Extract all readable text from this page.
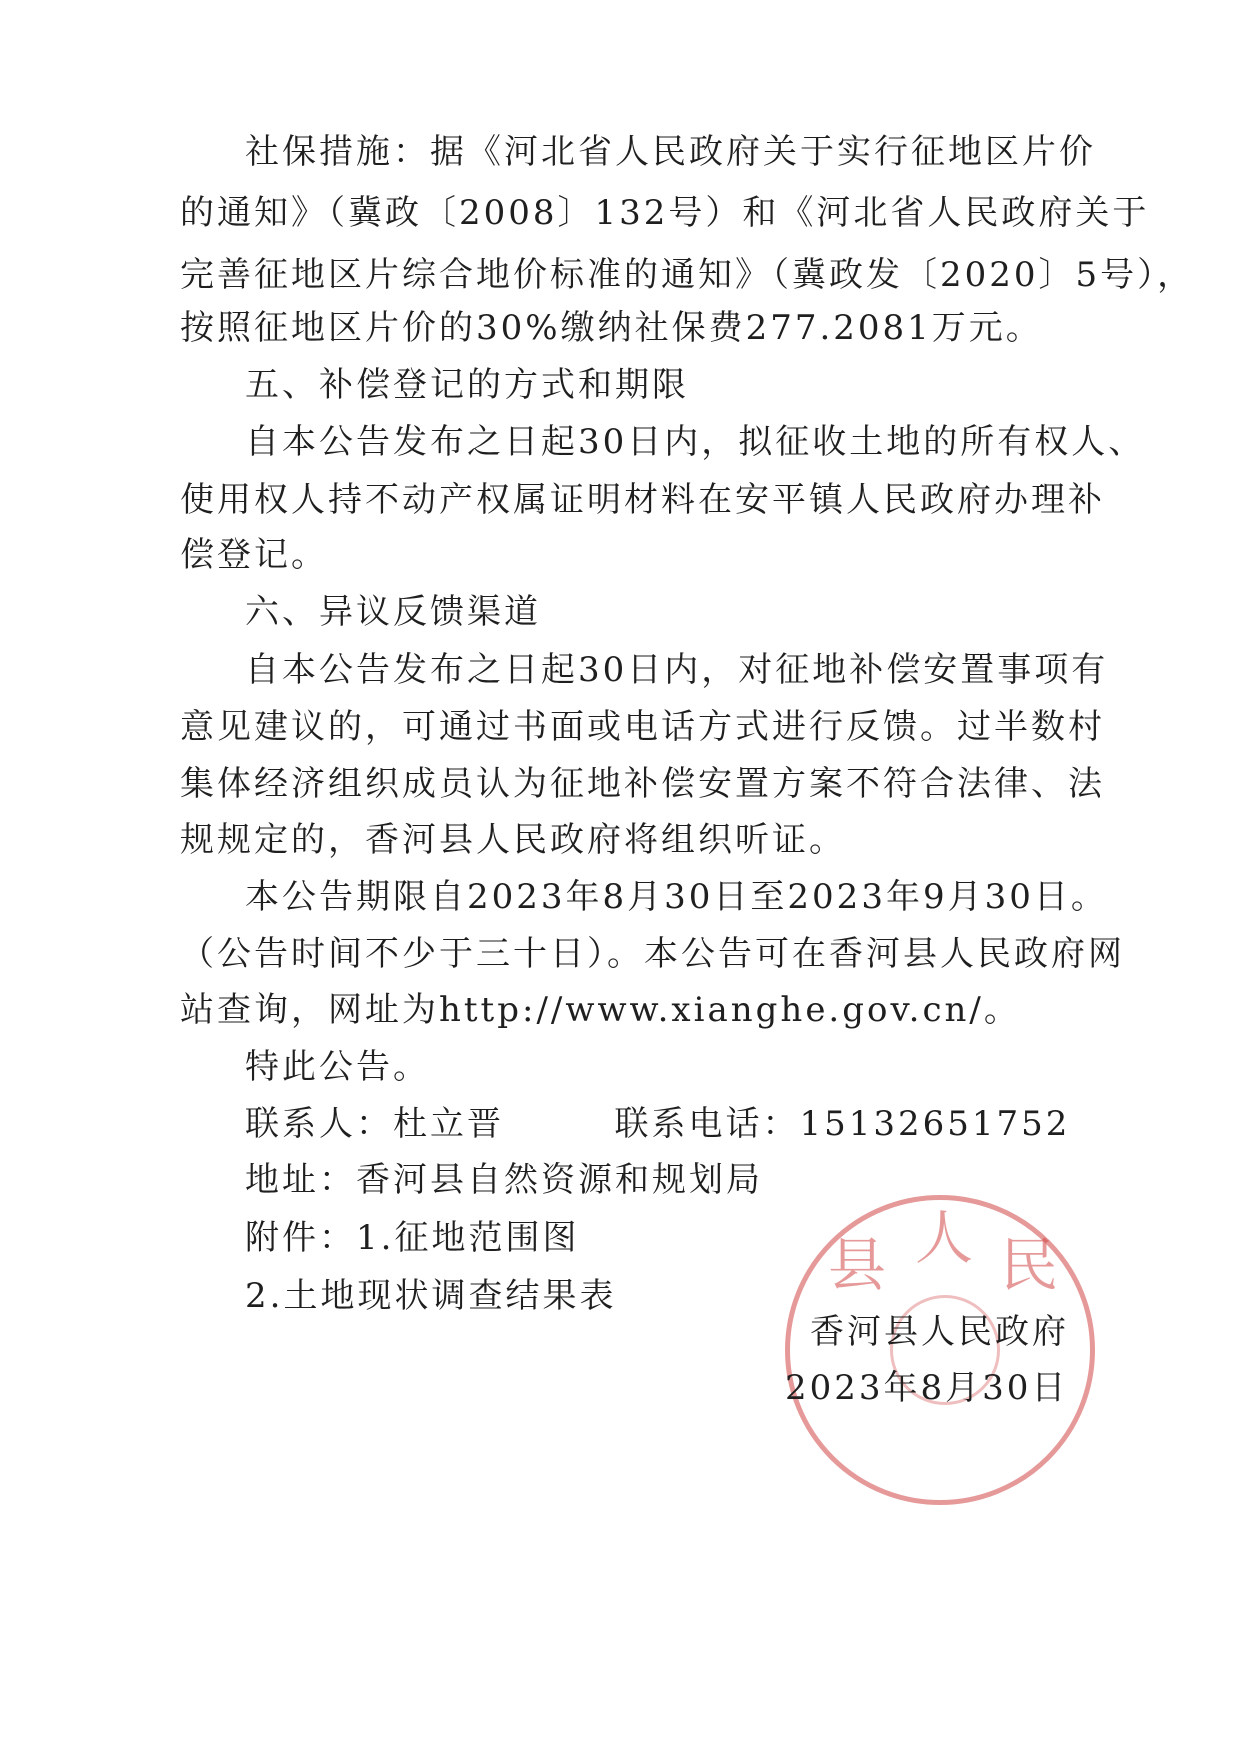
社保措施：据《河北省人民政府关于实行征地区片价
的通知》（冀政〔2008〕132号）和《河北省人民政府关于
完善征地区片综合地价标准的通知》（冀政发〔2020〕5号），
按照征地区片价的30%缴纳社保费277.2081万元。
五、补偿登记的方式和期限
自本公告发布之日起30日内，拟征收土地的所有权人、
使用权人持不动产权属证明材料在安平镇人民政府办理补
偿登记。
六、异议反馈渠道
自本公告发布之日起30日内，对征地补偿安置事项有
意见建议的，可通过书面或电话方式进行反馈。过半数村
集体经济组织成员认为征地补偿安置方案不符合法律、法
规规定的，香河县人民政府将组织听证。
本公告期限自2023年8月30日至2023年9月30日。
（公告时间不少于三十日）。本公告可在香河县人民政府网
站查询，网址为http://www.xianghe.gov.cn/。
特此公告。
联系人：杜立晋        联系电话：15132651752
地址：香河县自然资源和规划局
附件：1.征地范围图
2.土地现状调查结果表	县 人 民
香河县人民政府
2023年8月30日
